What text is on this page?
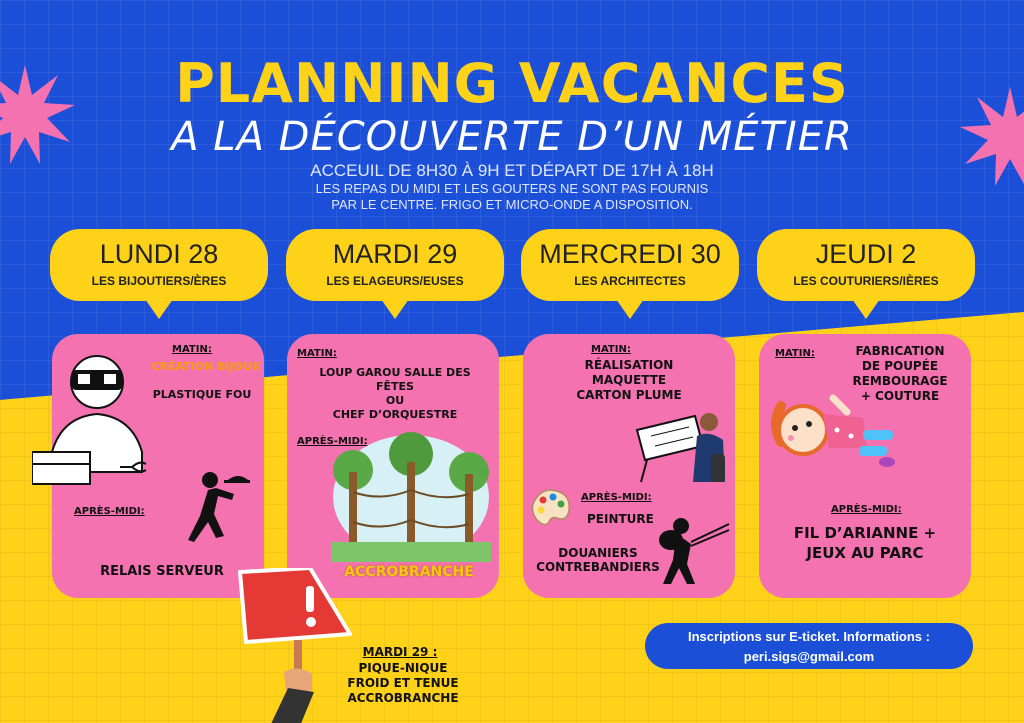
PLANNING VACANCES
A LA DÉCOUVERTE D’UN MÉTIER
ACCEUIL DE 8H30 À 9H ET DÉPART DE 17H À 18H
LES REPAS DU MIDI ET LES GOUTERS NE SONT PAS FOURNIS
PAR LE CENTRE. FRIGO ET MICRO-ONDE A DISPOSITION.
LUNDI 28
LES BIJOUTIERS/ÈRES
MARDI 29
LES ELAGEURS/EUSES
MERCREDI 30
LES ARCHITECTES
JEUDI 2
LES COUTURIERS/IÈRES
MATIN:
CRÉATION BIJOUX
PLASTIQUE FOU
APRÈS-MIDI:
RELAIS SERVEUR
MATIN:
LOUP GAROU SALLE DES
FÊTES
OU
CHEF D’ORQUESTRE
APRÈS-MIDI:
ACCROBRANCHE
MATIN:
RÉALISATION
MAQUETTE
CARTON PLUME
APRÈS-MIDI:
PEINTURE
DOUANIERS
CONTREBANDIERS
MATIN:	FABRICATION
DE POUPÉE
REMBOURAGE
+ COUTURE
APRÈS-MIDI:
FIL D’ARIANNE +
JEUX AU PARC
MARDI 29 :
PIQUE-NIQUE
FROID ET TENUE
ACCROBRANCHE
Inscriptions sur E-ticket. Informations :
peri.sigs@gmail.com
